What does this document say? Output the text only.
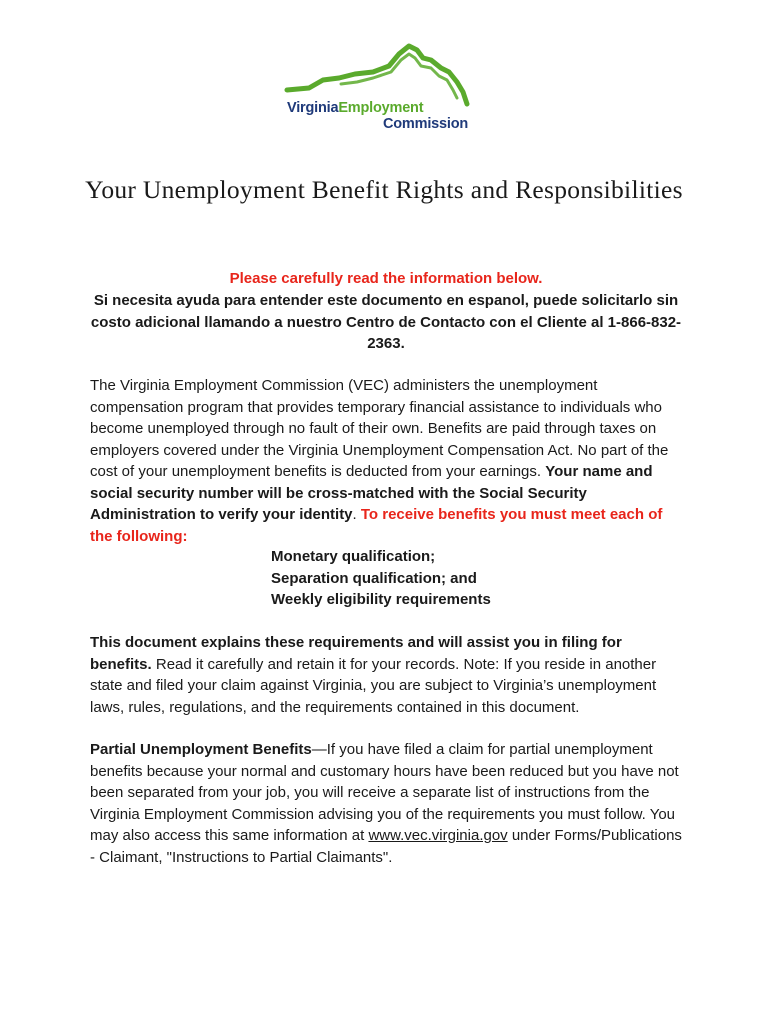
VirginiaEmployment
Commission
Your Unemployment Benefit Rights and Responsibilities
Please carefully read the information below.
Si necesita ayuda para entender este documento en espanol, puede solicitarlo sin costo adicional llamando a nuestro Centro de Contacto con el Cliente al 1-866-832-2363.
The Virginia Employment Commission (VEC) administers the unemployment compensation program that provides temporary financial assistance to individuals who become unemployed through no fault of their own. Benefits are paid through taxes on employers covered under the Virginia Unemployment Compensation Act. No part of the cost of your unemployment benefits is deducted from your earnings. Your name and social security number will be cross-matched with the Social Security Administration to verify your identity. To receive benefits you must meet each of the following:
Monetary qualification;
Separation qualification; and
Weekly eligibility requirements
This document explains these requirements and will assist you in filing for benefits. Read it carefully and retain it for your records. Note: If you reside in another state and filed your claim against Virginia, you are subject to Virginia’s unemployment laws, rules, regulations, and the requirements contained in this document.
Partial Unemployment Benefits—If you have filed a claim for partial unemployment benefits because your normal and customary hours have been reduced but you have not been separated from your job, you will receive a separate list of instructions from the Virginia Employment Commission advising you of the requirements you must follow. You may also access this same information at www.vec.virginia.gov under Forms/Publications - Claimant, "Instructions to Partial Claimants".
